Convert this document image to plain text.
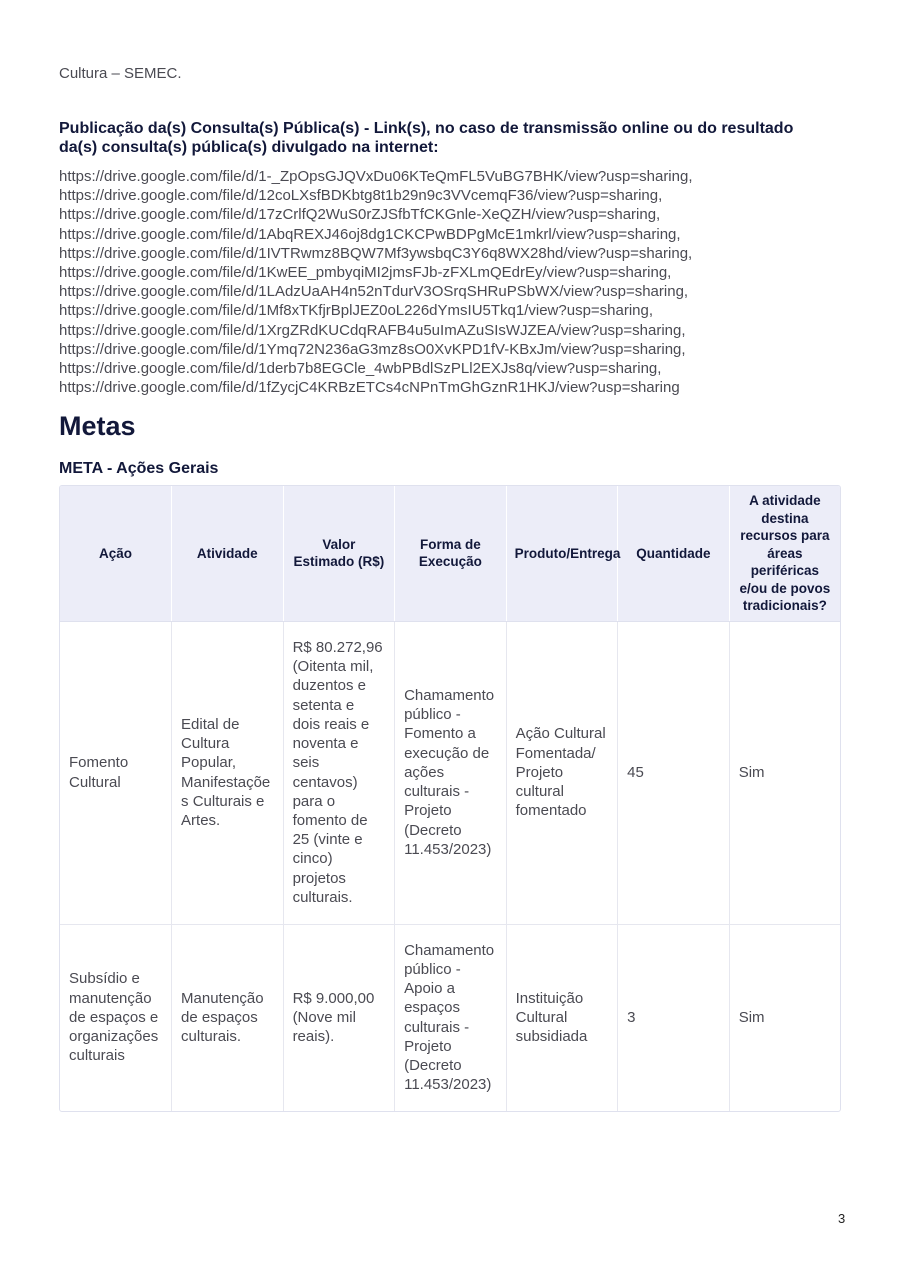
Cultura – SEMEC.
Publicação da(s) Consulta(s) Pública(s) - Link(s), no caso de transmissão online ou do resultado da(s) consulta(s) pública(s) divulgado na internet:
https://drive.google.com/file/d/1-_ZpOpsGJQVxDu06KTeQmFL5VuBG7BHK/view?usp=sharing,
https://drive.google.com/file/d/12coLXsfBDKbtg8t1b29n9c3VVcemqF36/view?usp=sharing,
https://drive.google.com/file/d/17zCrlfQ2WuS0rZJSfbTfCKGnle-XeQZH/view?usp=sharing,
https://drive.google.com/file/d/1AbqREXJ46oj8dg1CKCPwBDPgMcE1mkrl/view?usp=sharing,
https://drive.google.com/file/d/1IVTRwmz8BQW7Mf3ywsbqC3Y6q8WX28hd/view?usp=sharing,
https://drive.google.com/file/d/1KwEE_pmbyqiMI2jmsFJb-zFXLmQEdrEy/view?usp=sharing,
https://drive.google.com/file/d/1LAdzUaAH4n52nTdurV3OSrqSHRuPSbWX/view?usp=sharing,
https://drive.google.com/file/d/1Mf8xTKfjrBplJEZ0oL226dYmsIU5Tkq1/view?usp=sharing,
https://drive.google.com/file/d/1XrgZRdKUCdqRAFB4u5uImAZuSIsWJZEA/view?usp=sharing,
https://drive.google.com/file/d/1Ymq72N236aG3mz8sO0XvKPD1fV-KBxJm/view?usp=sharing,
https://drive.google.com/file/d/1derb7b8EGCle_4wbPBdlSzPLl2EXJs8q/view?usp=sharing,
https://drive.google.com/file/d/1fZycjC4KRBzETCs4cNPnTmGhGznR1HKJ/view?usp=sharing
Metas
META - Ações Gerais
Ação	Atividade	Valor Estimado (R$)	Forma de Execução	Produto/Entrega	Quantidade	A atividade destina recursos para áreas periféricas e/ou de povos tradicionais?
Fomento Cultural	Edital de Cultura Popular, Manifestações Culturais e Artes.	R$ 80.272,96 (Oitenta mil, duzentos e setenta e dois reais e noventa e seis centavos) para o fomento de 25 (vinte e cinco) projetos culturais.	Chamamento público - Fomento a execução de ações culturais - Projeto (Decreto 11.453/2023)	Ação Cultural Fomentada/ Projeto cultural fomentado	45	Sim
Subsídio e manutenção de espaços e organizações culturais	Manutenção de espaços culturais.	R$ 9.000,00 (Nove mil reais).	Chamamento público - Apoio a espaços culturais - Projeto (Decreto 11.453/2023)	Instituição Cultural subsidiada	3	Sim
3
